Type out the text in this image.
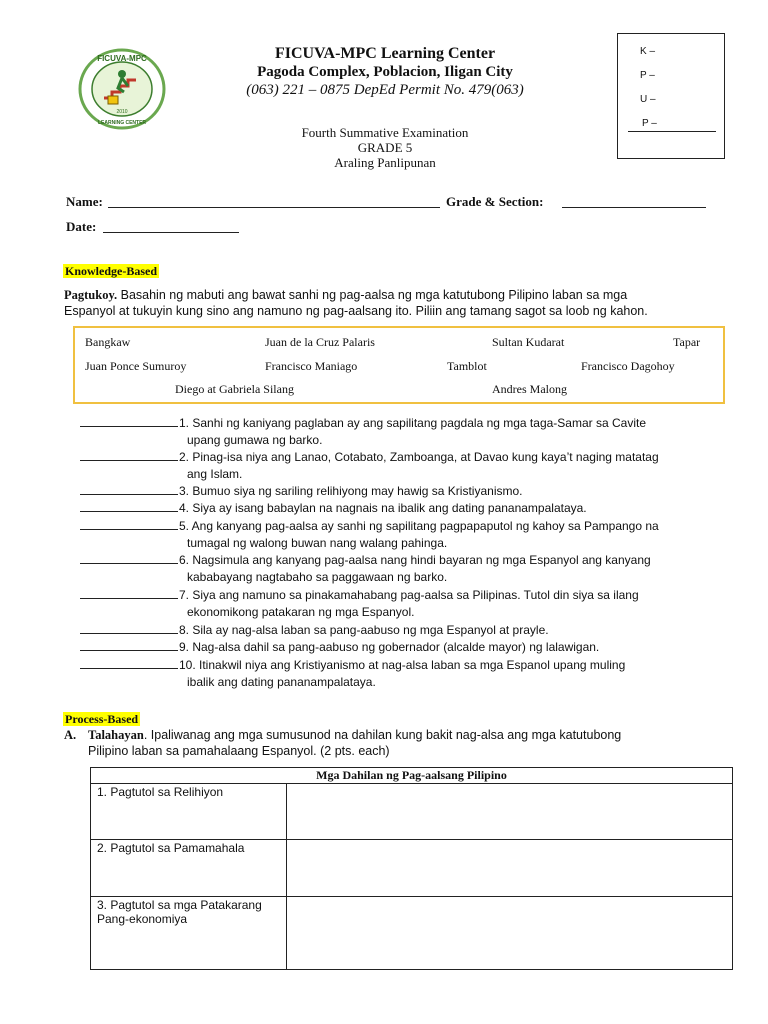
FICUVA-MPC
LEARNING CENTER
2010
FICUVA-MPC Learning Center
Pagoda Complex, Poblacion, Iligan City
(063) 221 – 0875 DepEd Permit No. 479(063)
Fourth Summative Examination
GRADE 5
Araling Panlipunan
K –
P –
U –
P –
Name:	Grade & Section:
Date:
Knowledge-Based
Pagtukoy. Basahin ng mabuti ang bawat sanhi ng pag-aalsa ng mga katutubong Pilipino laban sa mga
Espanyol at tukuyin kung sino ang namuno ng pag-aalsang ito. Piliin ang tamang sagot sa loob ng kahon.
Bangkaw	Juan de la Cruz Palaris	Sultan Kudarat	Tapar
Juan Ponce Sumuroy	Francisco Maniago	Tamblot	Francisco Dagohoy
Diego at Gabriela Silang	Andres Malong
1. Sanhi ng kaniyang paglaban ay ang sapilitang pagdala ng mga taga-Samar sa Cavite
upang gumawa ng barko.
2. Pinag-isa niya ang Lanao, Cotabato, Zamboanga, at Davao kung kaya’t naging matatag
ang Islam.
3. Bumuo siya ng sariling relihiyong may hawig sa Kristiyanismo.
4. Siya ay isang babaylan na nagnais na ibalik ang dating pananampalataya.
5. Ang kanyang pag-aalsa ay sanhi ng sapilitang pagpapaputol ng kahoy sa Pampango na
tumagal ng walong buwan nang walang pahinga.
6. Nagsimula ang kanyang pag-aalsa nang hindi bayaran ng mga Espanyol ang kanyang
kababayang nagtabaho sa paggawaan ng barko.
7. Siya ang namuno sa pinakamahabang pag-aalsa sa Pilipinas. Tutol din siya sa ilang
ekonomikong patakaran ng mga Espanyol.
8. Sila ay nag-alsa laban sa pang-aabuso ng mga Espanyol at prayle.
9. Nag-alsa dahil sa pang-aabuso ng gobernador (alcalde mayor) ng lalawigan.
10. Itinakwil niya ang Kristiyanismo at nag-alsa laban sa mga Espanol upang muling
ibalik ang dating pananampalataya.
Process-Based
A. Talahayan. Ipaliwanag ang mga sumusunod na dahilan kung bakit nag-alsa ang mga katutubong
Pilipino laban sa pamahalaang Espanyol. (2 pts. each)
Mga Dahilan ng Pag-aalsang Pilipino	

1. Pagtutol sa Relihiyon	

2. Pagtutol sa Pamamahala	

3. Pagtutol sa mga Patakarang
Pang-ekonomiya	
